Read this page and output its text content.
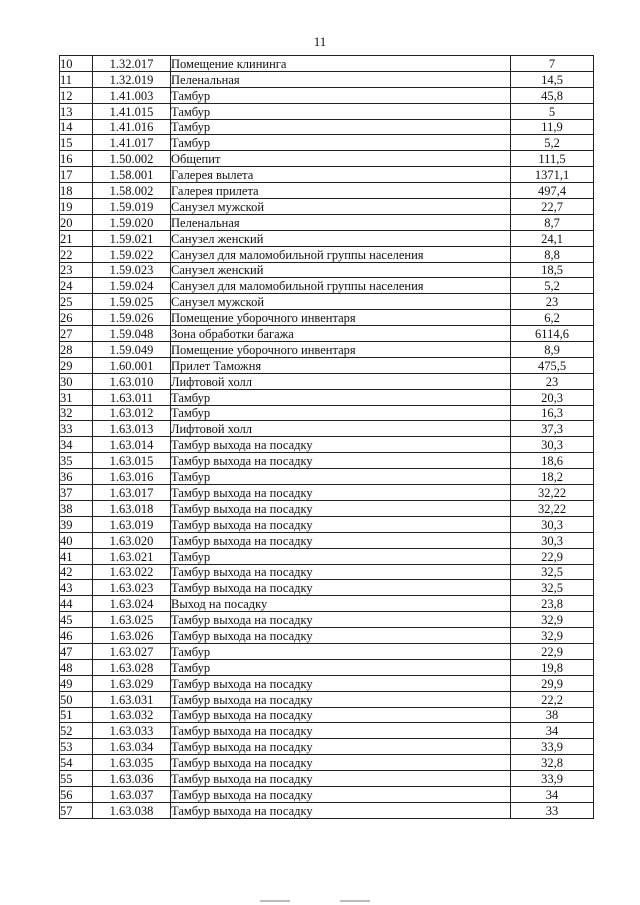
11
10	1.32.017	Помещение клининга	7
11	1.32.019	Пеленальная	14,5
12	1.41.003	Тамбур	45,8
13	1.41.015	Тамбур	5
14	1.41.016	Тамбур	11,9
15	1.41.017	Тамбур	5,2
16	1.50.002	Общепит	111,5
17	1.58.001	Галерея вылета	1371,1
18	1.58.002	Галерея прилета	497,4
19	1.59.019	Санузел мужской	22,7
20	1.59.020	Пеленальная	8,7
21	1.59.021	Санузел женский	24,1
22	1.59.022	Санузел для маломобильной группы населения	8,8
23	1.59.023	Санузел женский	18,5
24	1.59.024	Санузел для маломобильной группы населения	5,2
25	1.59.025	Санузел мужской	23
26	1.59.026	Помещение уборочного инвентаря	6,2
27	1.59.048	Зона обработки багажа	6114,6
28	1.59.049	Помещение уборочного инвентаря	8,9
29	1.60.001	Прилет Таможня	475,5
30	1.63.010	Лифтовой холл	23
31	1.63.011	Тамбур	20,3
32	1.63.012	Тамбур	16,3
33	1.63.013	Лифтовой холл	37,3
34	1.63.014	Тамбур выхода на посадку	30,3
35	1.63.015	Тамбур выхода на посадку	18,6
36	1.63.016	Тамбур	18,2
37	1.63.017	Тамбур выхода на посадку	32,22
38	1.63.018	Тамбур выхода на посадку	32,22
39	1.63.019	Тамбур выхода на посадку	30,3
40	1.63.020	Тамбур выхода на посадку	30,3
41	1.63.021	Тамбур	22,9
42	1.63.022	Тамбур выхода на посадку	32,5
43	1.63.023	Тамбур выхода на посадку	32,5
44	1.63.024	Выход на посадку	23,8
45	1.63.025	Тамбур выхода на посадку	32,9
46	1.63.026	Тамбур выхода на посадку	32,9
47	1.63.027	Тамбур	22,9
48	1.63.028	Тамбур	19,8
49	1.63.029	Тамбур выхода на посадку	29,9
50	1.63.031	Тамбур выхода на посадку	22,2
51	1.63.032	Тамбур выхода на посадку	38
52	1.63.033	Тамбур выхода на посадку	34
53	1.63.034	Тамбур выхода на посадку	33,9
54	1.63.035	Тамбур выхода на посадку	32,8
55	1.63.036	Тамбур выхода на посадку	33,9
56	1.63.037	Тамбур выхода на посадку	34
57	1.63.038	Тамбур выхода на посадку	33
